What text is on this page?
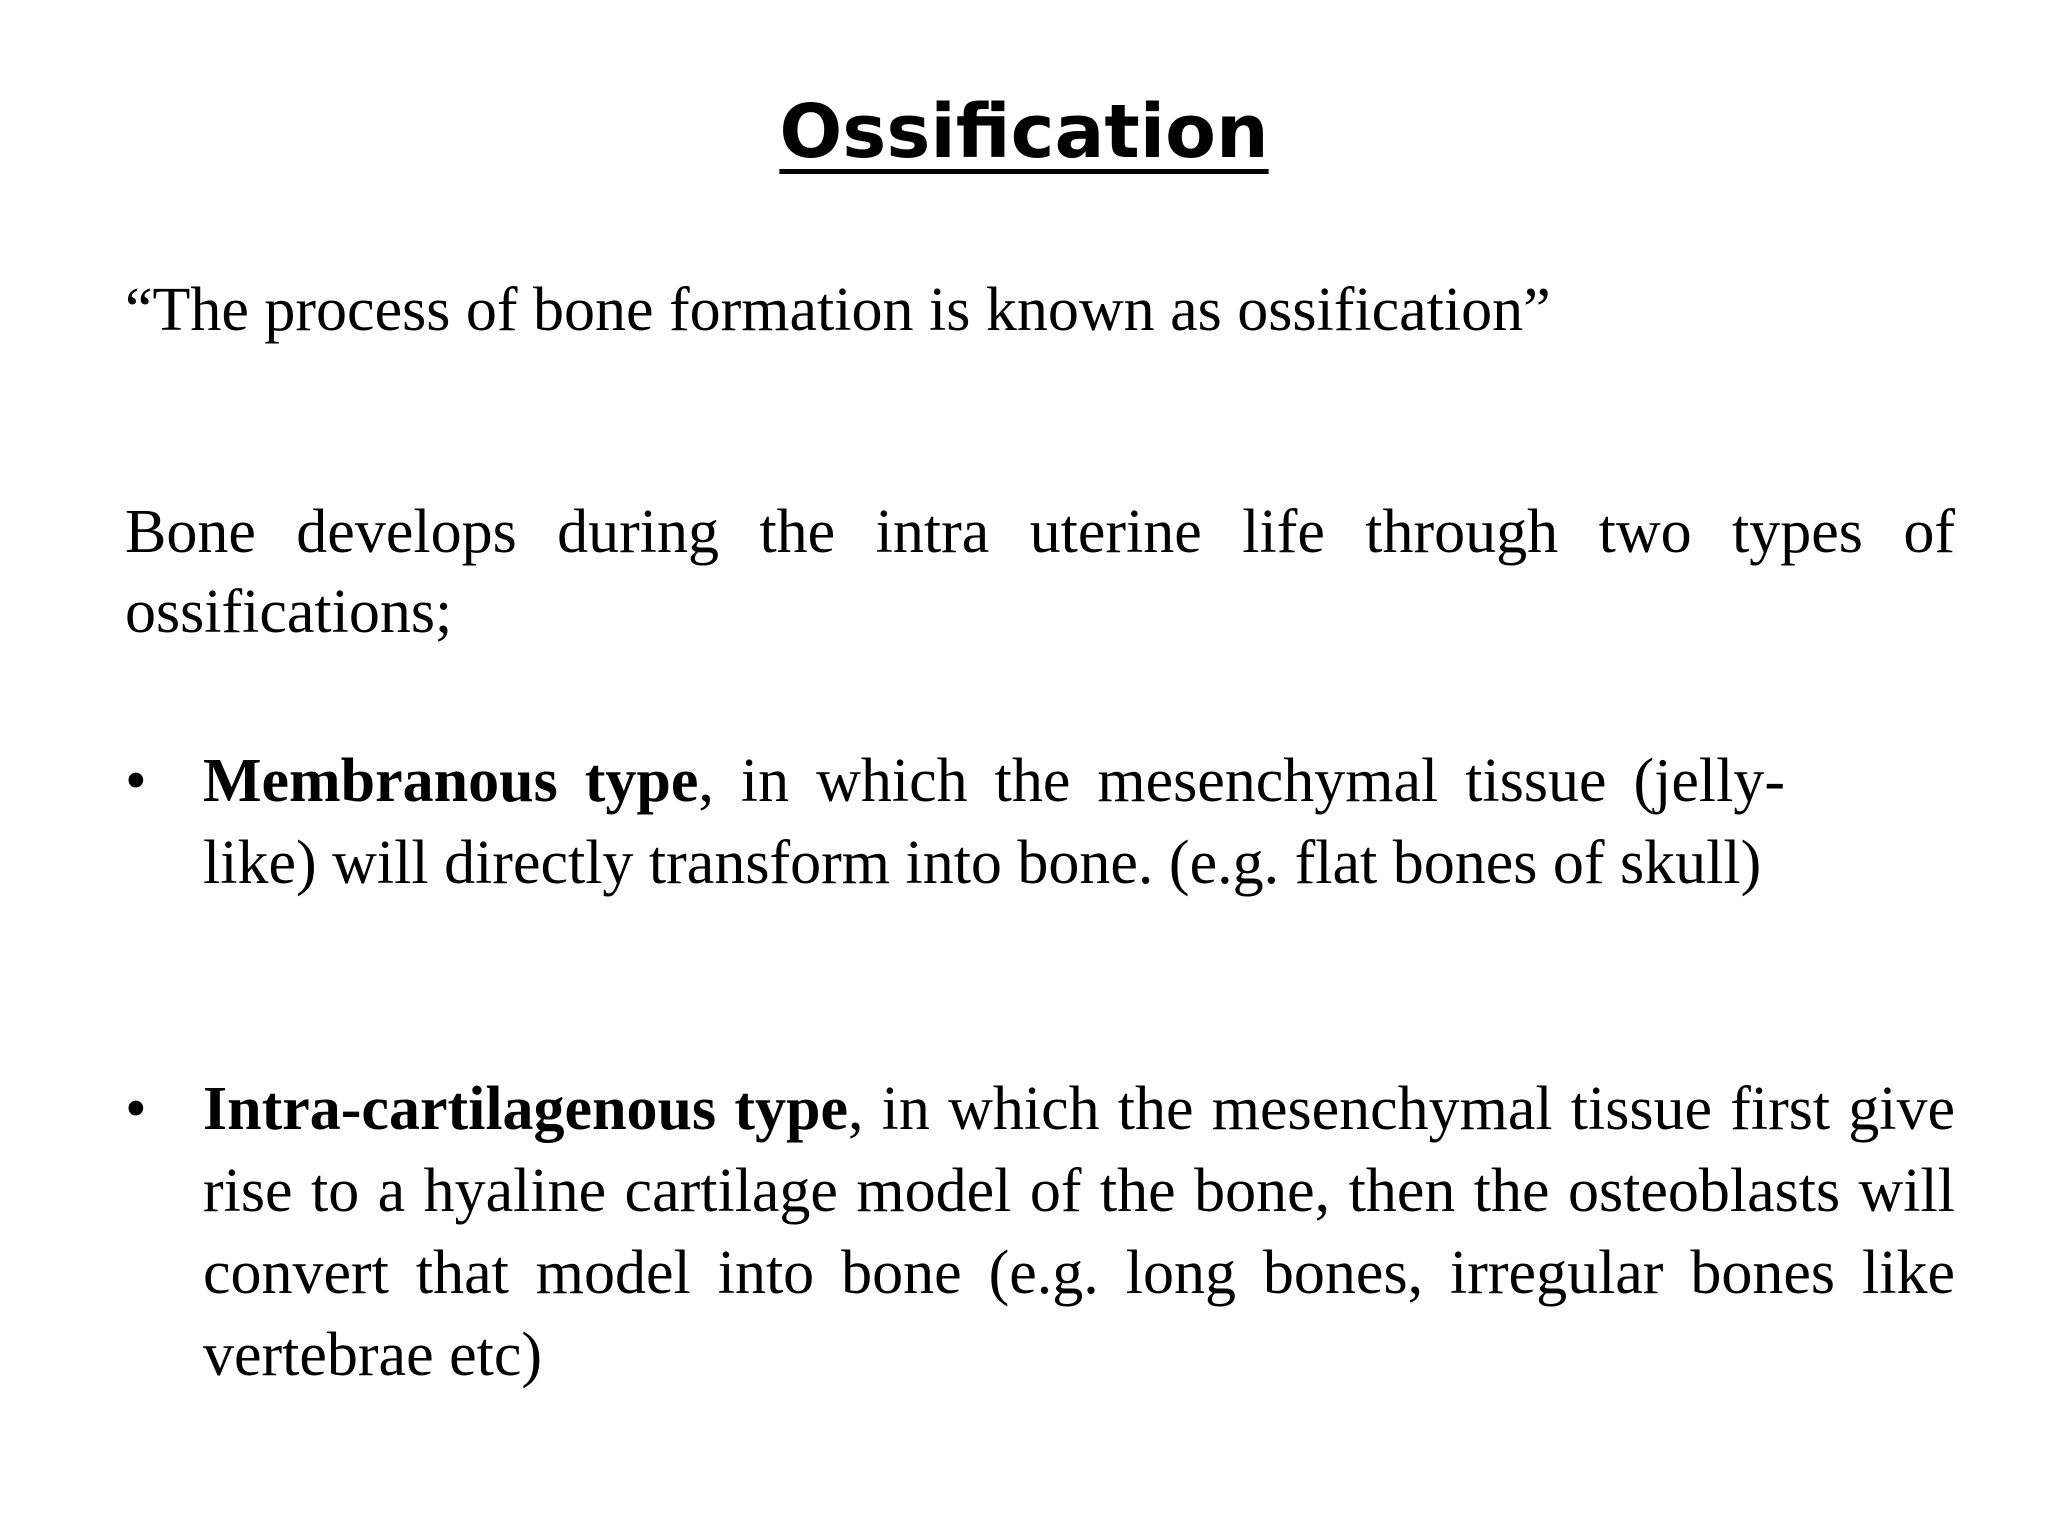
Ossification

“The process of bone formation is known as ossification”

Bone develops during the intra uterine life through two types of ossifications;

• Membranous type, in which the mesenchymal tissue (jelly-like) will directly transform into bone. (e.g. flat bones of skull)
• Intra-cartilagenous type, in which the mesenchymal tissue first give rise to a hyaline cartilage model of the bone, then the osteoblasts will convert that model into bone (e.g. long bones, irregular bones like vertebrae etc)
